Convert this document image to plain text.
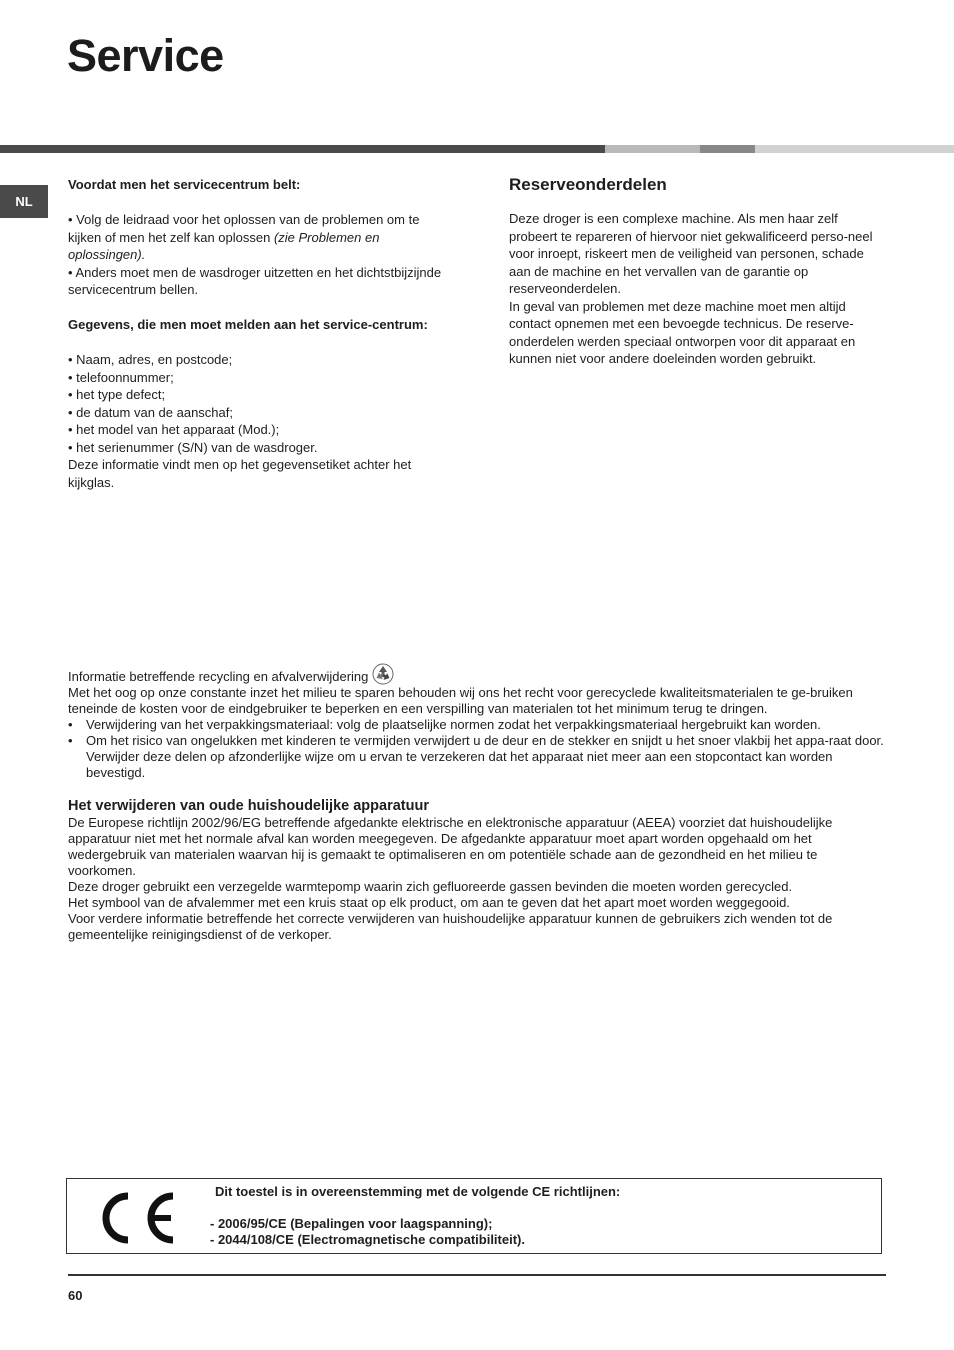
Service
NL

Voordat men het servicecentrum belt:

• Volg de leidraad voor het oplossen van de problemen om te kijken of men het zelf kan oplossen (zie Problemen en oplossingen).

• Anders moet men de wasdroger uitzetten en het dichtstbijzijnde servicecentrum bellen.

Gegevens, die men moet melden aan het service-centrum:

• Naam, adres, en postcode;

• telefoonnummer;

• het type defect;

• de datum van de aanschaf;

• het model van het apparaat (Mod.);

• het serienummer (S/N) van de wasdroger.

Deze informatie vindt men op het gegevensetiket achter het kijkglas.

Reserveonderdelen

Deze droger is een complexe machine. Als men haar zelf probeert te repareren of hiervoor niet gekwalificeerd perso-neel voor inroept, riskeert men de veiligheid van personen, schade aan de machine en het vervallen van de garantie op reserveonderdelen.

In geval van problemen met deze machine moet men altijd contact opnemen met een bevoegde technicus. De reserve-onderdelen werden speciaal ontworpen voor dit apparaat en kunnen niet voor andere doeleinden worden gebruikt.

Informatie betreffende recycling en afvalverwijdering

Met het oog op onze constante inzet het milieu te sparen behouden wij ons het recht voor gerecyclede kwaliteitsmaterialen te ge-bruiken teneinde de kosten voor de eindgebruiker te beperken en een verspilling van materialen tot het minimum terug te dringen.

•	Verwijdering van het verpakkingsmateriaal: volg de plaatselijke normen zodat het verpakkingsmateriaal hergebruikt kan worden.
•	Om het risico van ongelukken met kinderen te vermijden verwijdert u de deur en de stekker en snijdt u het snoer vlakbij het appa-raat door. Verwijder deze delen op afzonderlijke wijze om u ervan te verzekeren dat het apparaat niet meer aan een stopcontact kan worden bevestigd.

Het verwijderen van oude huishoudelijke apparatuur

De Europese richtlijn 2002/96/EG betreffende afgedankte elektrische en elektronische apparatuur (AEEA) voorziet dat huishoudelijke apparatuur niet met het normale afval kan worden meegegeven. De afgedankte apparatuur moet apart worden opgehaald om het wedergebruik van materialen waarvan hij is gemaakt te optimaliseren en om potentiële schade aan de gezondheid en het milieu te voorkomen.

Deze droger gebruikt een verzegelde warmtepomp waarin zich gefluoreerde gassen bevinden die moeten worden gerecycled.

Het symbool van de afvalemmer met een kruis staat op elk product, om aan te geven dat het apart moet worden weggegooid.

Voor verdere informatie betreffende het correcte verwijderen van huishoudelijke apparatuur kunnen de gebruikers zich wenden tot de gemeentelijke reinigingsdienst of de verkoper.

Dit toestel is in overeenstemming met de volgende CE richtlijnen:

- 2006/95/CE (Bepalingen voor laagspanning);

- 2044/108/CE (Electromagnetische compatibiliteit).

60
